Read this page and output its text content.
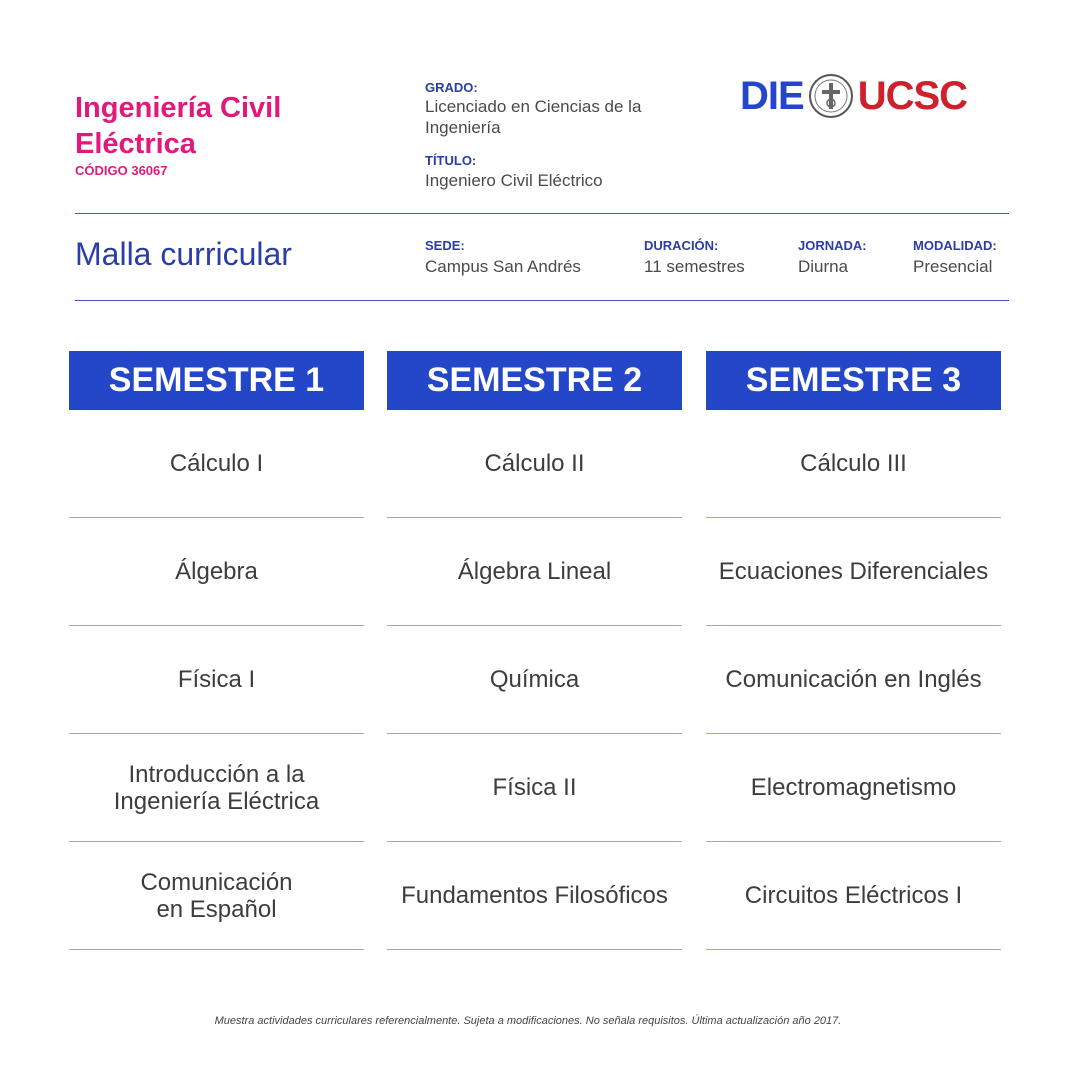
Ingeniería Civil Eléctrica
CÓDIGO 36067
GRADO:
Licenciado en Ciencias de la Ingeniería
TÍTULO:
Ingeniero Civil Eléctrico
DIE UCSC
Malla curricular	SEDE:
Campus San Andrés
DURACIÓN:
11 semestres
JORNADA:
Diurna
MODALIDAD:
Presencial
SEMESTRE 1
Cálculo I
Álgebra
Física I
Introducción a la
Ingeniería Eléctrica
Comunicación
en Español
SEMESTRE 2
Cálculo II
Álgebra Lineal
Química
Física II
Fundamentos Filosóficos
SEMESTRE 3
Cálculo III
Ecuaciones Diferenciales
Comunicación en Inglés
Electromagnetismo
Circuitos Eléctricos I
Muestra actividades curriculares referencialmente. Sujeta a modificaciones. No señala requisitos. Última actualización año 2017.
